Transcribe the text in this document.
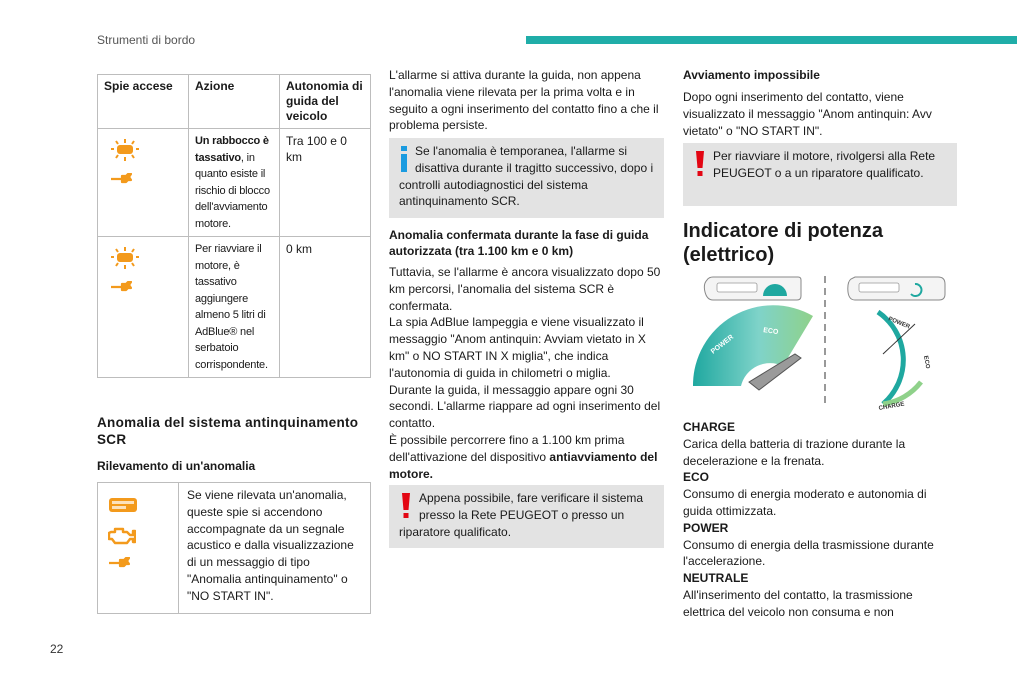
Strumenti di bordo
Spie accese	Azione	Autonomia di guida del veicolo

	Un rabbocco è tassativo, in quanto esiste il rischio di blocco dell'avviamento motore.	Tra 100 e 0 km

	Per riavviare il motore, è tassativo aggiungere almeno 5 litri di AdBlue® nel serbatoio corrispondente.	0 km
Anomalia del sistema antinquinamento SCR
Rilevamento di un'anomalia
	Se viene rilevata un'anomalia, queste spie si accendono accompagnate da un segnale acustico e dalla visualizzazione di un messaggio di tipo "Anomalia antinquinamento" o "NO START IN".
L'allarme si attiva durante la guida, non appena l'anomalia viene rilevata per la prima volta e in seguito a ogni inserimento del contatto fino a che il problema persiste.
Se l'anomalia è temporanea, l'allarme si disattiva durante il tragitto successivo, dopo i controlli autodiagnostici del sistema antinquinamento SCR.
Anomalia confermata durante la fase di guida autorizzata (tra 1.100 km e 0 km)
Tuttavia, se l'allarme è ancora visualizzato dopo 50 km percorsi, l'anomalia del sistema SCR è confermata.
La spia AdBlue lampeggia e viene visualizzato il messaggio "Anom antinquin: Avviam vietato in X km" o NO START IN X miglia", che indica l'autonomia di guida in chilometri o miglia.
Durante la guida, il messaggio appare ogni 30 secondi. L'allarme riappare ad ogni inserimento del contatto.
È possibile percorrere fino a 1.100 km prima dell'attivazione del dispositivo antiavviamento del motore.
Appena possibile, fare verificare il sistema presso la Rete PEUGEOT o presso un riparatore qualificato.
Avviamento impossibile
Dopo ogni inserimento del contatto, viene visualizzato il messaggio "Anom antinquin: Avv vietato" o "NO START IN".
Per riavviare il motore, rivolgersi alla Rete PEUGEOT o a un riparatore qualificato.
Indicatore di potenza (elettrico)
POWER
ECO
CHARGE
POWER
ECO
CHARGE
CHARGE
Carica della batteria di trazione durante la decelerazione e la frenata.
ECO
Consumo di energia moderato e autonomia di guida ottimizzata.
POWER
Consumo di energia della trasmissione durante l'accelerazione.
NEUTRALE
All'inserimento del contatto, la trasmissione elettrica del veicolo non consuma e non
22
